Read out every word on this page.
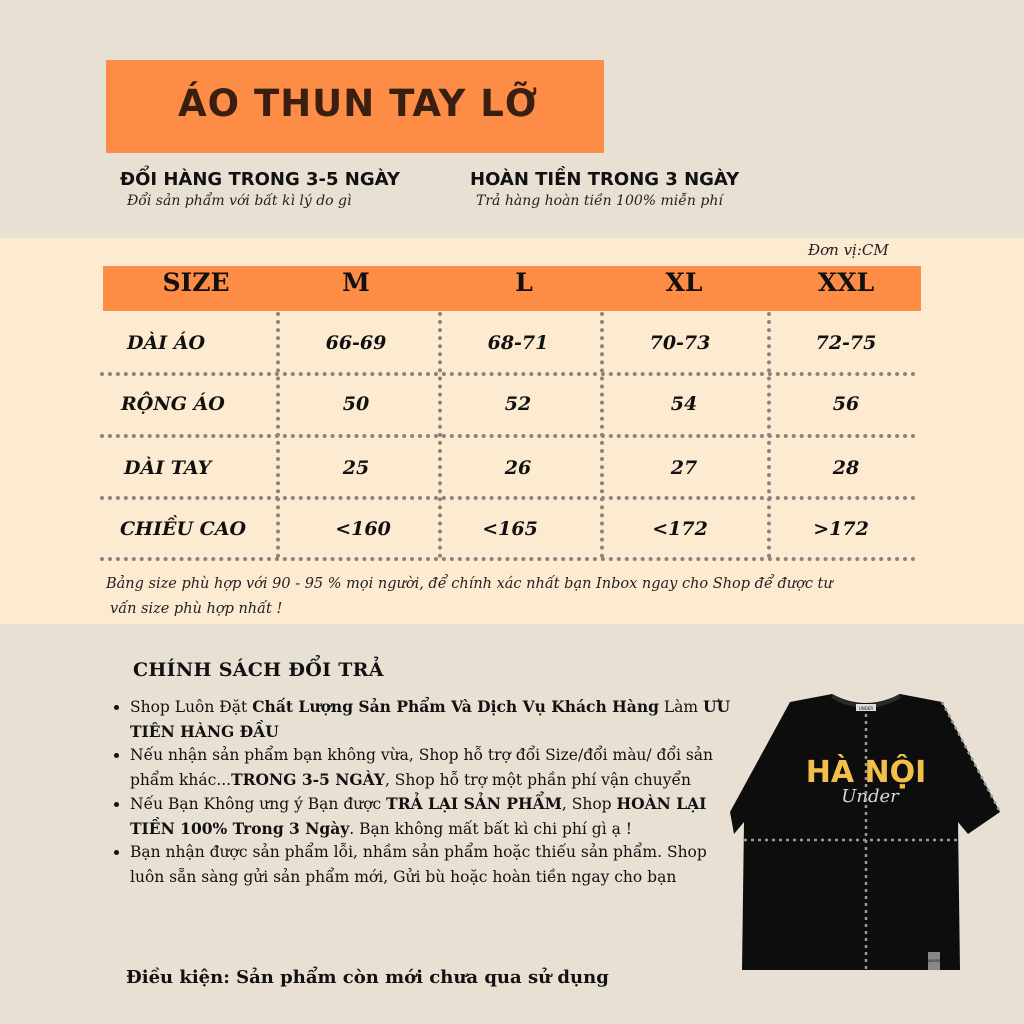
ÁO THUN TAY LỠ
ĐỔI HÀNG TRONG 3-5 NGÀY
Đổi sản phẩm với bất kì lý do gì
HOÀN TIỀN TRONG 3 NGÀY
Trả hàng hoàn tiền 100% miễn phí
Đơn vị:CM
SIZE	M	L	XL	XXL
DÀI ÁO	66-69	68-71	70-73	72-75
RỘNG ÁO	50	52	54	56
DÀI TAY	25	26	27	28
CHIỀU CAO	<160	<165	<172	>172
Bảng size phù hợp với 90 - 95 % mọi người, để chính xác nhất bạn Inbox ngay cho Shop để được tư
vấn size phù hợp nhất !
CHÍNH SÁCH ĐỔI TRẢ
• Shop Luôn Đặt Chất Lượng Sản Phẩm Và Dịch Vụ Khách Hàng Làm ƯU TIÊN HÀNG ĐẦU
• Nếu nhận sản phẩm bạn không vừa, Shop hỗ trợ đổi Size/đổi màu/ đổi sản phẩm khác...TRONG 3-5 NGÀY, Shop hỗ trợ một phần phí vận chuyển
• Nếu Bạn Không ưng ý Bạn được TRẢ LẠI SẢN PHẨM, Shop HOÀN LẠI TIỀN 100% Trong 3 Ngày. Bạn không mất bất kì chi phí gì ạ !
• Bạn nhận được sản phẩm lỗi, nhầm sản phẩm hoặc thiếu sản phẩm. Shop luôn sẵn sàng gửi sản phẩm mới, Gửi bù hoặc hoàn tiền ngay cho bạn
Điều kiện: Sản phẩm còn mới chưa qua sử dụng
UNDER
UNDER
HÀ NỘI
Under
